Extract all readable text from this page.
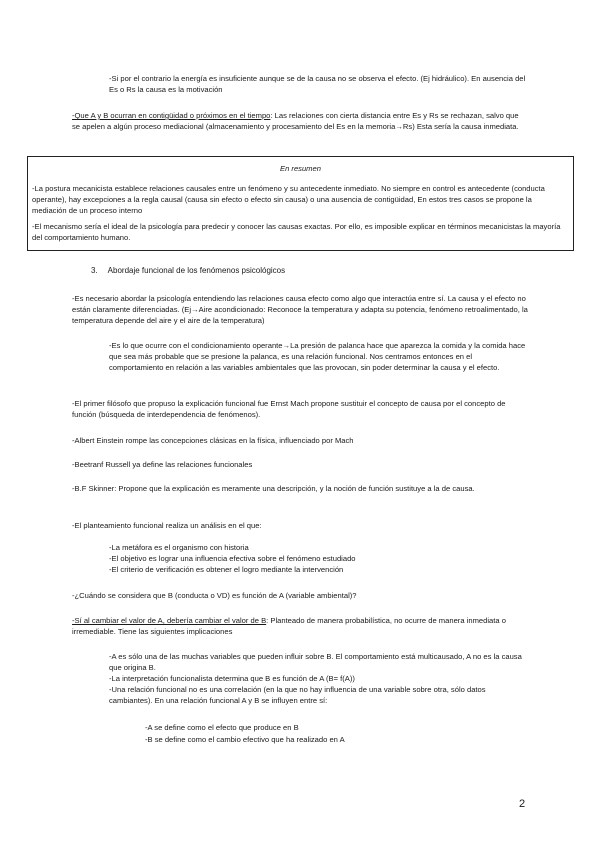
-Si por el contrario la energía es insuficiente aunque se de la causa no se observa el efecto. (Ej hidráulico). En ausencia del Es o Rs la causa es la motivación

-Que A y B ocurran en contigüidad o próximos en el tiempo: Las relaciones con cierta distancia entre Es y Rs se rechazan, salvo que se apelen a algún proceso mediacional (almacenamiento y procesamiento del Es en la memoria→Rs) Esta sería la causa inmediata.

En resumen

-La postura mecanicista establece relaciones causales entre un fenómeno y su antecedente inmediato. No siempre en control es antecedente (conducta operante), hay excepciones a la regla causal (causa sin efecto o efecto sin causa) o una ausencia de contigüidad, En estos tres casos se propone la mediación de un proceso interno

-El mecanismo sería el ideal de la psicología para predecir y conocer las causas exactas. Por ello, es imposible explicar en términos mecanicistas la mayoría del comportamiento humano.

3. Abordaje funcional de los fenómenos psicológicos

-Es necesario abordar la psicología entendiendo las relaciones causa efecto como algo que interactúa entre sí. La causa y el efecto no están claramente diferenciadas. (Ej→Aire acondicionado: Reconoce la temperatura y adapta su potencia, fenómeno retroalimentado, la temperatura depende del aire y el aire de la temperatura)

-Es lo que ocurre con el condicionamiento operante→La presión de palanca hace que aparezca la comida y la comida hace que sea más probable que se presione la palanca, es una relación funcional. Nos centramos entonces en el comportamiento en relación a las variables ambientales que las provocan, sin poder determinar la causa y el efecto.

-El primer filósofo que propuso la explicación funcional fue Ernst Mach propone sustituir el concepto de causa por el concepto de función (búsqueda de interdependencia de fenómenos).

-Albert Einstein rompe las concepciones clásicas en la física, influenciado por Mach

-Beetranf Russell ya define las relaciones funcionales

-B.F Skinner: Propone que la explicación es meramente una descripción, y la noción de función sustituye a la de causa.

-El planteamiento funcional realiza un análisis en el que:

-La metáfora es el organismo con historia

-El objetivo es lograr una influencia efectiva sobre el fenómeno estudiado

-El criterio de verificación es obtener el logro mediante la intervención

-¿Cuándo se considera que B (conducta o VD) es función de A (variable ambiental)?

-Sí al cambiar el valor de A, debería cambiar el valor de B: Planteado de manera probabilística, no ocurre de manera inmediata o irremediable. Tiene las siguientes implicaciones

-A es sólo una de las muchas variables que pueden influir sobre B. El comportamiento está multicausado, A no es la causa que origina B.

-La interpretación funcionalista determina que B es función de A (B= f(A))

-Una relación funcional no es una correlación (en la que no hay influencia de una variable sobre otra, sólo datos cambiantes). En una relación funcional A y B se influyen entre sí:

-A se define como el efecto que produce en B

-B se define como el cambio efectivo que ha realizado en A

2
